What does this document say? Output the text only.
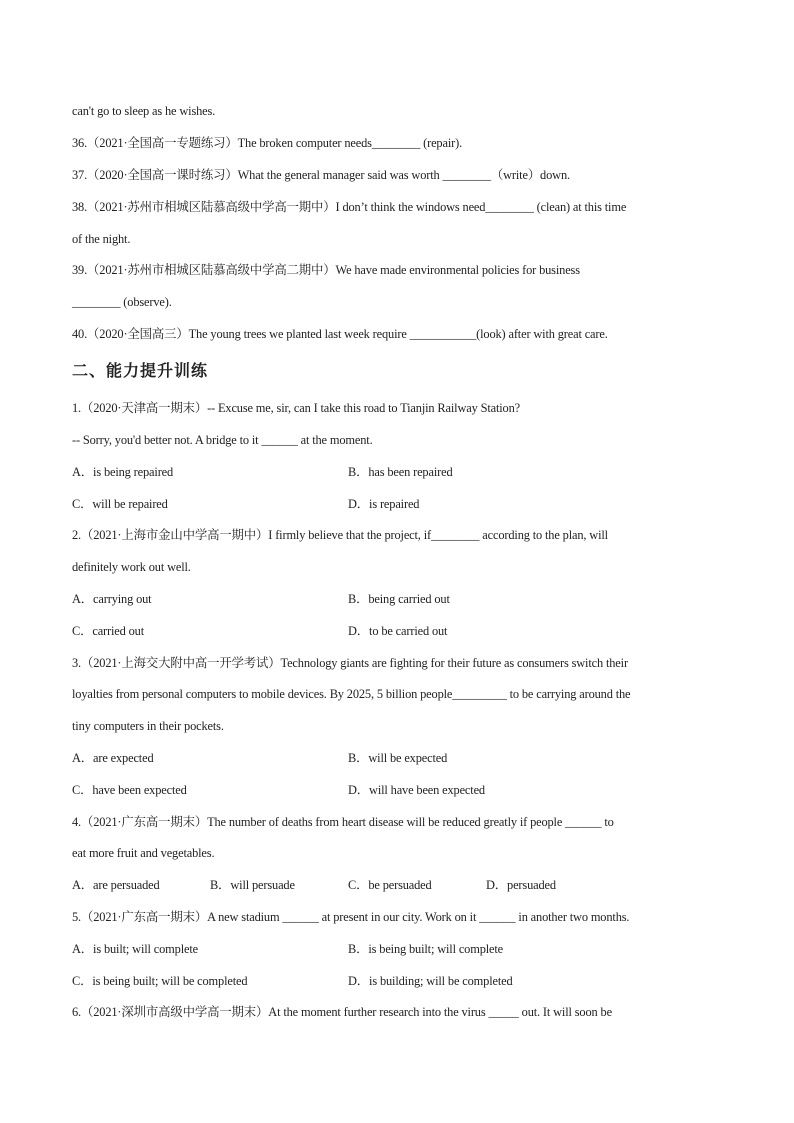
can't go to sleep as he wishes.
36.（2021·全国高一专题练习）The broken computer needs________ (repair).
37.（2020·全国高一课时练习）What the general manager said was worth ________（write）down.
38.（2021·苏州市相城区陆慕高级中学高一期中）I don’t think the windows need________ (clean) at this time
of the night.
39.（2021·苏州市相城区陆慕高级中学高二期中）We have made environmental policies for business
________ (observe).
40.（2020·全国高三）The young trees we planted last week require ___________(look) after with great care.
二、能力提升训练
1.（2020·天津高一期末）-- Excuse me, sir, can I take this road to Tianjin Railway Station?
-- Sorry, you'd better not. A bridge to it ______ at the moment.
A．is being repaired	B．has been repaired
C．will be repaired	D．is repaired
2.（2021·上海市金山中学高一期中）I firmly believe that the project, if________ according to the plan, will
definitely work out well.
A．carrying out	B．being carried out
C．carried out	D．to be carried out
3.（2021·上海交大附中高一开学考试）Technology giants are fighting for their future as consumers switch their
loyalties from personal computers to mobile devices. By 2025, 5 billion people_________ to be carrying around the
tiny computers in their pockets.
A．are expected	B．will be expected
C．have been expected	D．will have been expected
4.（2021·广东高一期末）The number of deaths from heart disease will be reduced greatly if people ______ to
eat more fruit and vegetables.
A．are persuaded	B．will persuade	C．be persuaded	D．persuaded
5.（2021·广东高一期末）A new stadium ______ at present in our city. Work on it ______ in another two months.
A．is built; will complete	B．is being built; will complete
C．is being built; will be completed	D．is building; will be completed
6.（2021·深圳市高级中学高一期末）At the moment further research into the virus _____ out. It will soon be
